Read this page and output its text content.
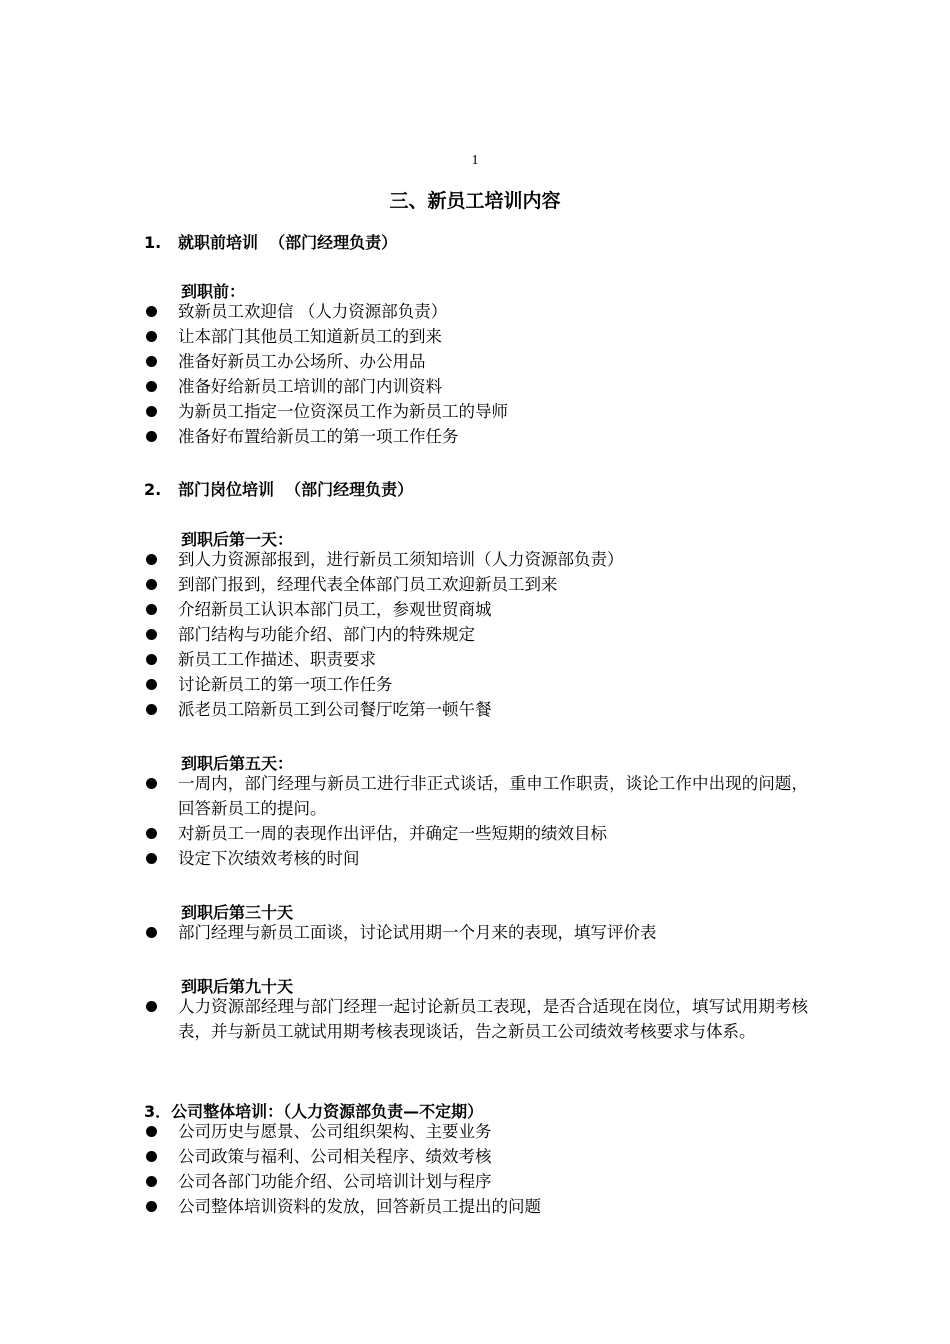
1
三、新员工培训内容
1. 就职前培训  （部门经理负责）
到职前：
致新员工欢迎信 （人力资源部负责）
让本部门其他员工知道新员工的到来
准备好新员工办公场所、办公用品
准备好给新员工培训的部门内训资料
为新员工指定一位资深员工作为新员工的导师
准备好布置给新员工的第一项工作任务
2. 部门岗位培训  （部门经理负责）
到职后第一天：
到人力资源部报到，进行新员工须知培训（人力资源部负责）
到部门报到，经理代表全体部门员工欢迎新员工到来
介绍新员工认识本部门员工，参观世贸商城
部门结构与功能介绍、部门内的特殊规定
新员工工作描述、职责要求
讨论新员工的第一项工作任务
派老员工陪新员工到公司餐厅吃第一顿午餐
到职后第五天：
一周内，部门经理与新员工进行非正式谈话，重申工作职责，谈论工作中出现的问题，回答新员工的提问。
对新员工一周的表现作出评估，并确定一些短期的绩效目标
设定下次绩效考核的时间
到职后第三十天
部门经理与新员工面谈，讨论试用期一个月来的表现，填写评价表
到职后第九十天
人力资源部经理与部门经理一起讨论新员工表现，是否合适现在岗位，填写试用期考核表，并与新员工就试用期考核表现谈话，告之新员工公司绩效考核要求与体系。
3．公司整体培训：（人力资源部负责—不定期）
公司历史与愿景、公司组织架构、主要业务
公司政策与福利、公司相关程序、绩效考核
公司各部门功能介绍、公司培训计划与程序
公司整体培训资料的发放，回答新员工提出的问题
